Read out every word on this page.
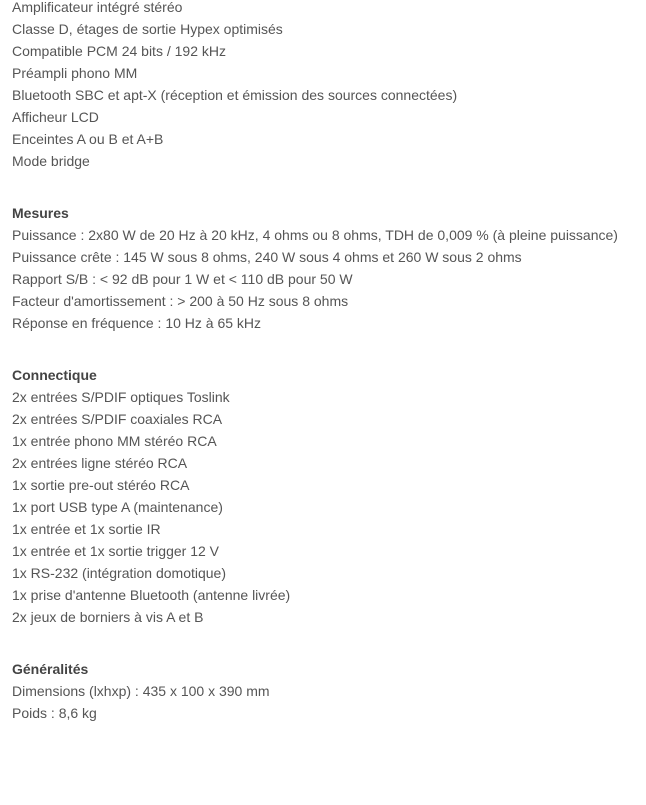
Amplificateur intégré stéréo
Classe D, étages de sortie Hypex optimisés
Compatible PCM 24 bits / 192 kHz
Préampli phono MM
Bluetooth SBC et apt-X (réception et émission des sources connectées)
Afficheur LCD
Enceintes A ou B et A+B
Mode bridge
Mesures
Puissance : 2x80 W de 20 Hz à 20 kHz, 4 ohms ou 8 ohms, TDH de 0,009 % (à pleine puissance)
Puissance crête : 145 W sous 8 ohms, 240 W sous 4 ohms et 260 W sous 2 ohms
Rapport S/B : < 92 dB pour 1 W et < 110 dB pour 50 W
Facteur d'amortissement : > 200 à 50 Hz sous 8 ohms
Réponse en fréquence : 10 Hz à 65 kHz
Connectique
2x entrées S/PDIF optiques Toslink
2x entrées S/PDIF coaxiales RCA
1x entrée phono MM stéréo RCA
2x entrées ligne stéréo RCA
1x sortie pre-out stéréo RCA
1x port USB type A (maintenance)
1x entrée et 1x sortie IR
1x entrée et 1x sortie trigger 12 V
1x RS-232 (intégration domotique)
1x prise d'antenne Bluetooth (antenne livrée)
2x jeux de borniers à vis A et B
Généralités
Dimensions (lxhxp) : 435 x 100 x 390 mm
Poids : 8,6 kg
